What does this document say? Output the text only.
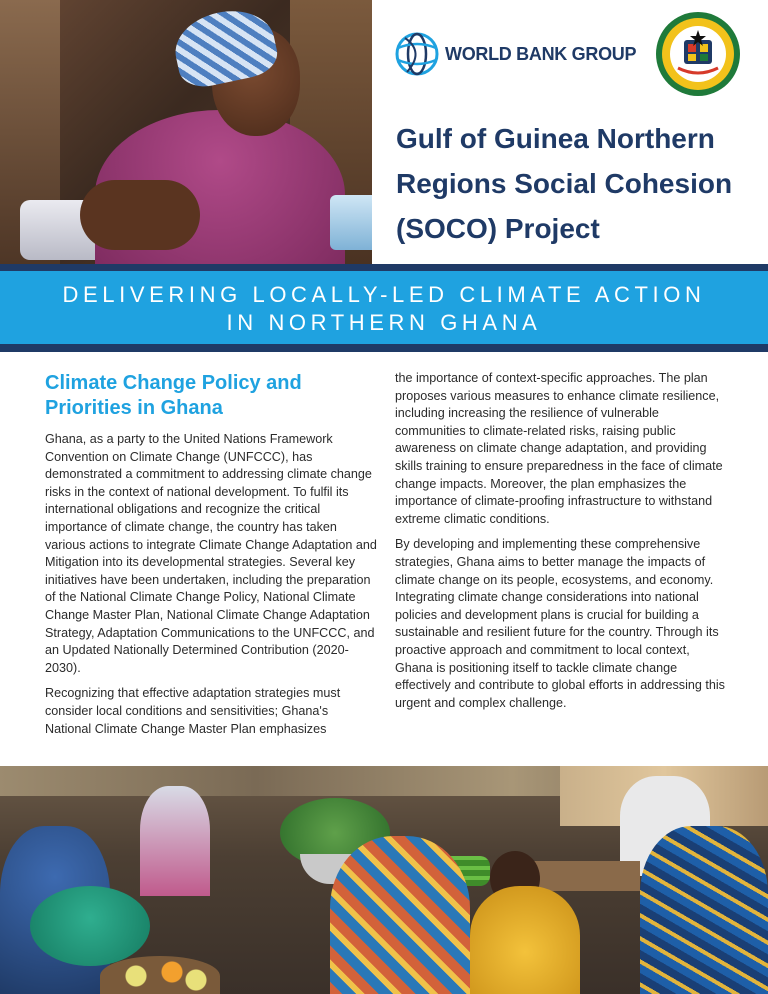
WORLD BANK GROUP
Gulf of Guinea Northern Regions Social Cohesion (SOCO) Project
DELIVERING LOCALLY-LED CLIMATE ACTION
IN NORTHERN GHANA
Climate Change Policy and Priorities in Ghana

Ghana, as a party to the United Nations Framework Convention on Climate Change (UNFCCC), has demonstrated a commitment to addressing climate change risks in the context of national development. To fulfil its international obligations and recognize the critical importance of climate change, the country has taken various actions to integrate Climate Change Adaptation and Mitigation into its developmental strategies. Several key initiatives have been undertaken, including the preparation of the National Climate Change Policy, National Climate Change Master Plan, National Climate Change Adaptation Strategy, Adaptation Communications to the UNFCCC, and an Updated Nationally Determined Contribution (2020-2030).

Recognizing that effective adaptation strategies must consider local conditions and sensitivities; Ghana's National Climate Change Master Plan emphasizes

the importance of context-specific approaches. The plan proposes various measures to enhance climate resilience, including increasing the resilience of vulnerable communities to climate-related risks, raising public awareness on climate change adaptation, and providing skills training to ensure preparedness in the face of climate change impacts. Moreover, the plan emphasizes the importance of climate-proofing infrastructure to withstand extreme climatic conditions.

By developing and implementing these comprehensive strategies, Ghana aims to better manage the impacts of climate change on its people, ecosystems, and economy. Integrating climate change considerations into national policies and development plans is crucial for building a sustainable and resilient future for the country. Through its proactive approach and commitment to local context, Ghana is positioning itself to tackle climate change effectively and contribute to global efforts in addressing this urgent and complex challenge.
